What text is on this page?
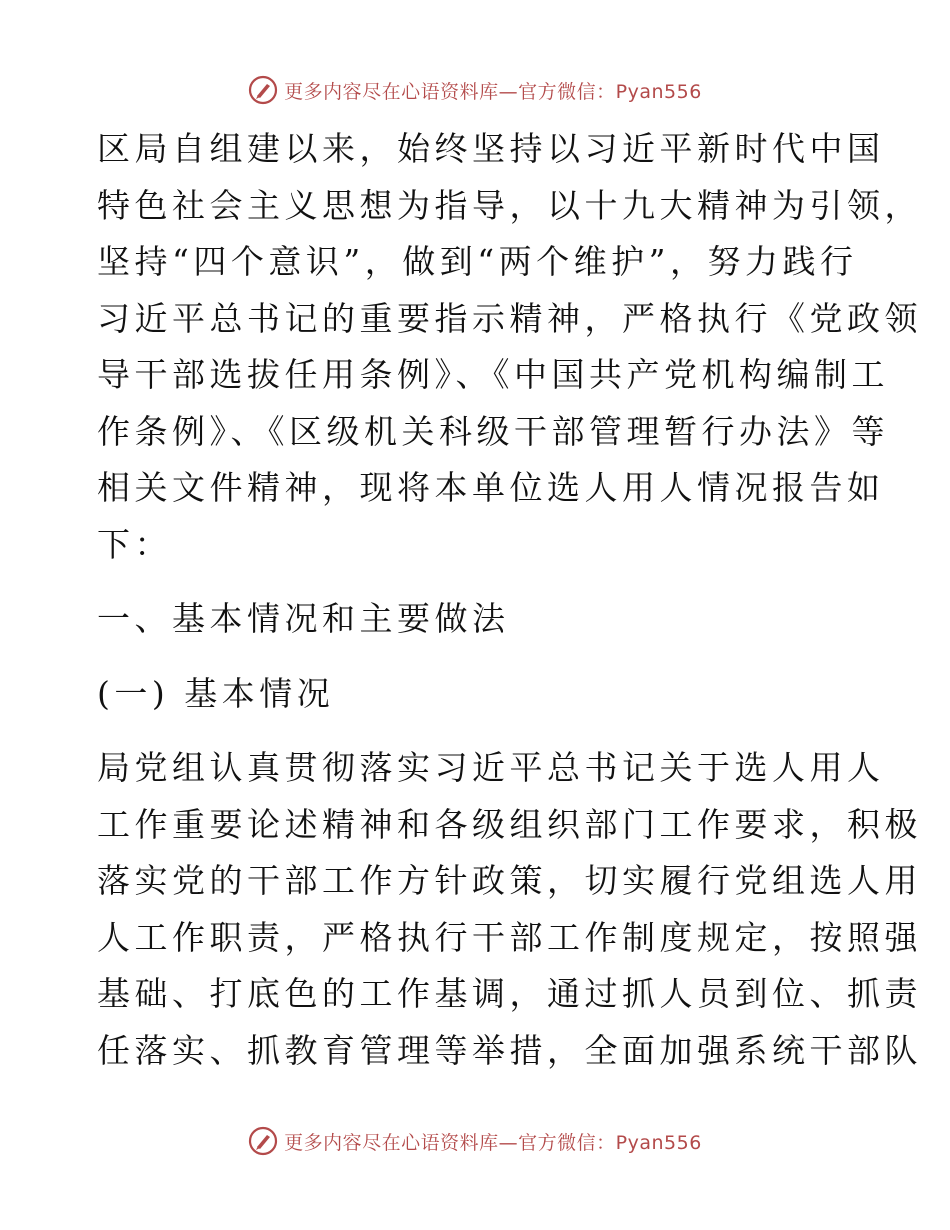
更多内容尽在心语资料库—官方微信：Pyan556

区局自组建以来，始终坚持以习近平新时代中国
特色社会主义思想为指导，以十九大精神为引领，
坚持“四个意识”，做到“两个维护”，努力践行
习近平总书记的重要指示精神，严格执行《党政领
导干部选拔任用条例》、《中国共产党机构编制工
作条例》、《区级机关科级干部管理暂行办法》等
相关文件精神，现将本单位选人用人情况报告如
下：

一、基本情况和主要做法

(一) 基本情况

局党组认真贯彻落实习近平总书记关于选人用人
工作重要论述精神和各级组织部门工作要求，积极
落实党的干部工作方针政策，切实履行党组选人用
人工作职责，严格执行干部工作制度规定，按照强
基础、打底色的工作基调，通过抓人员到位、抓责
任落实、抓教育管理等举措，全面加强系统干部队

更多内容尽在心语资料库—官方微信：Pyan556
